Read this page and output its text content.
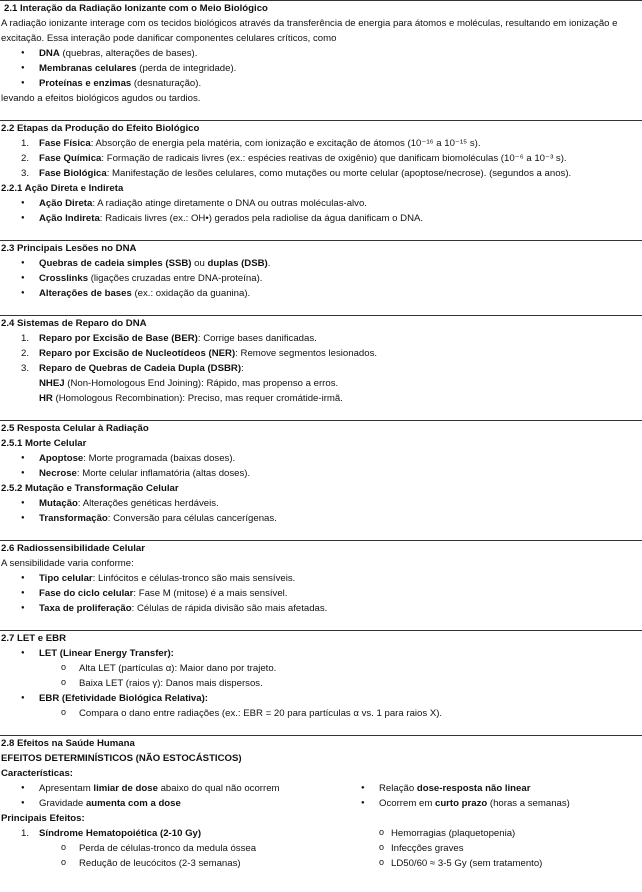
2.1 Interação da Radiação Ionizante com o Meio Biológico

A radiação ionizante interage com os tecidos biológicos através da transferência de energia para átomos e moléculas, resultando em ionização e excitação. Essa interação pode danificar componentes celulares críticos, como

● DNA (quebras, alterações de bases).
● Membranas celulares (perda de integridade).
● Proteínas e enzimas (desnaturação).

levando a efeitos biológicos agudos ou tardios.

2.2 Etapas da Produção do Efeito Biológico

1. Fase Física: Absorção de energia pela matéria, com ionização e excitação de átomos (10⁻¹⁶ a 10⁻¹⁵ s).
2. Fase Química: Formação de radicais livres (ex.: espécies reativas de oxigênio) que danificam biomoléculas (10⁻⁶ a 10⁻³ s).
3. Fase Biológica: Manifestação de lesões celulares, como mutações ou morte celular (apoptose/necrose). (segundos a anos).

2.2.1 Ação Direta e Indireta

● Ação Direta: A radiação atinge diretamente o DNA ou outras moléculas-alvo.
● Ação Indireta: Radicais livres (ex.: OH•) gerados pela radiolise da água danificam o DNA.

2.3 Principais Lesões no DNA

● Quebras de cadeia simples (SSB) ou duplas (DSB).
● Crosslinks (ligações cruzadas entre DNA-proteína).
● Alterações de bases (ex.: oxidação da guanina).

2.4 Sistemas de Reparo do DNA

1. Reparo por Excisão de Base (BER): Corrige bases danificadas.
2. Reparo por Excisão de Nucleotídeos (NER): Remove segmentos lesionados.
3. Reparo de Quebras de Cadeia Dupla (DSBR):

NHEJ (Non-Homologous End Joining): Rápido, mas propenso a erros.

HR (Homologous Recombination): Preciso, mas requer cromátide-irmã.

2.5 Resposta Celular à Radiação

2.5.1 Morte Celular

● Apoptose: Morte programada (baixas doses).
● Necrose: Morte celular inflamatória (altas doses).

2.5.2 Mutação e Transformação Celular

● Mutação: Alterações genéticas herdáveis.
● Transformação: Conversão para células cancerígenas.

2.6 Radiossensibilidade Celular

A sensibilidade varia conforme:

● Tipo celular: Linfócitos e células-tronco são mais sensíveis.
● Fase do ciclo celular: Fase M (mitose) é a mais sensível.
● Taxa de proliferação: Células de rápida divisão são mais afetadas.

2.7 LET e EBR

● LET (Linear Energy Transfer):
o Alta LET (partículas α): Maior dano por trajeto.
o Baixa LET (raios γ): Danos mais dispersos.
● EBR (Efetividade Biológica Relativa):
o Compara o dano entre radiações (ex.: EBR = 20 para partículas α vs. 1 para raios X).

2.8 Efeitos na Saúde Humana

EFEITOS DETERMINÍSTICOS (NÃO ESTOCÁSTICOS)

Características:

● Apresentam limiar de dose abaixo do qual não ocorrem
● Gravidade aumenta com a dose
● Relação dose-resposta não linear
● Ocorrem em curto prazo (horas a semanas)

Principais Efeitos:

1. Síndrome Hematopoiética (2-10 Gy)

o Perda de células-tronco da medula óssea
o Redução de leucócitos (2-3 semanas)
o Hemorragias (plaquetopenia)
o Infecções graves
o LD50/60 ≈ 3-5 Gy (sem tratamento)
